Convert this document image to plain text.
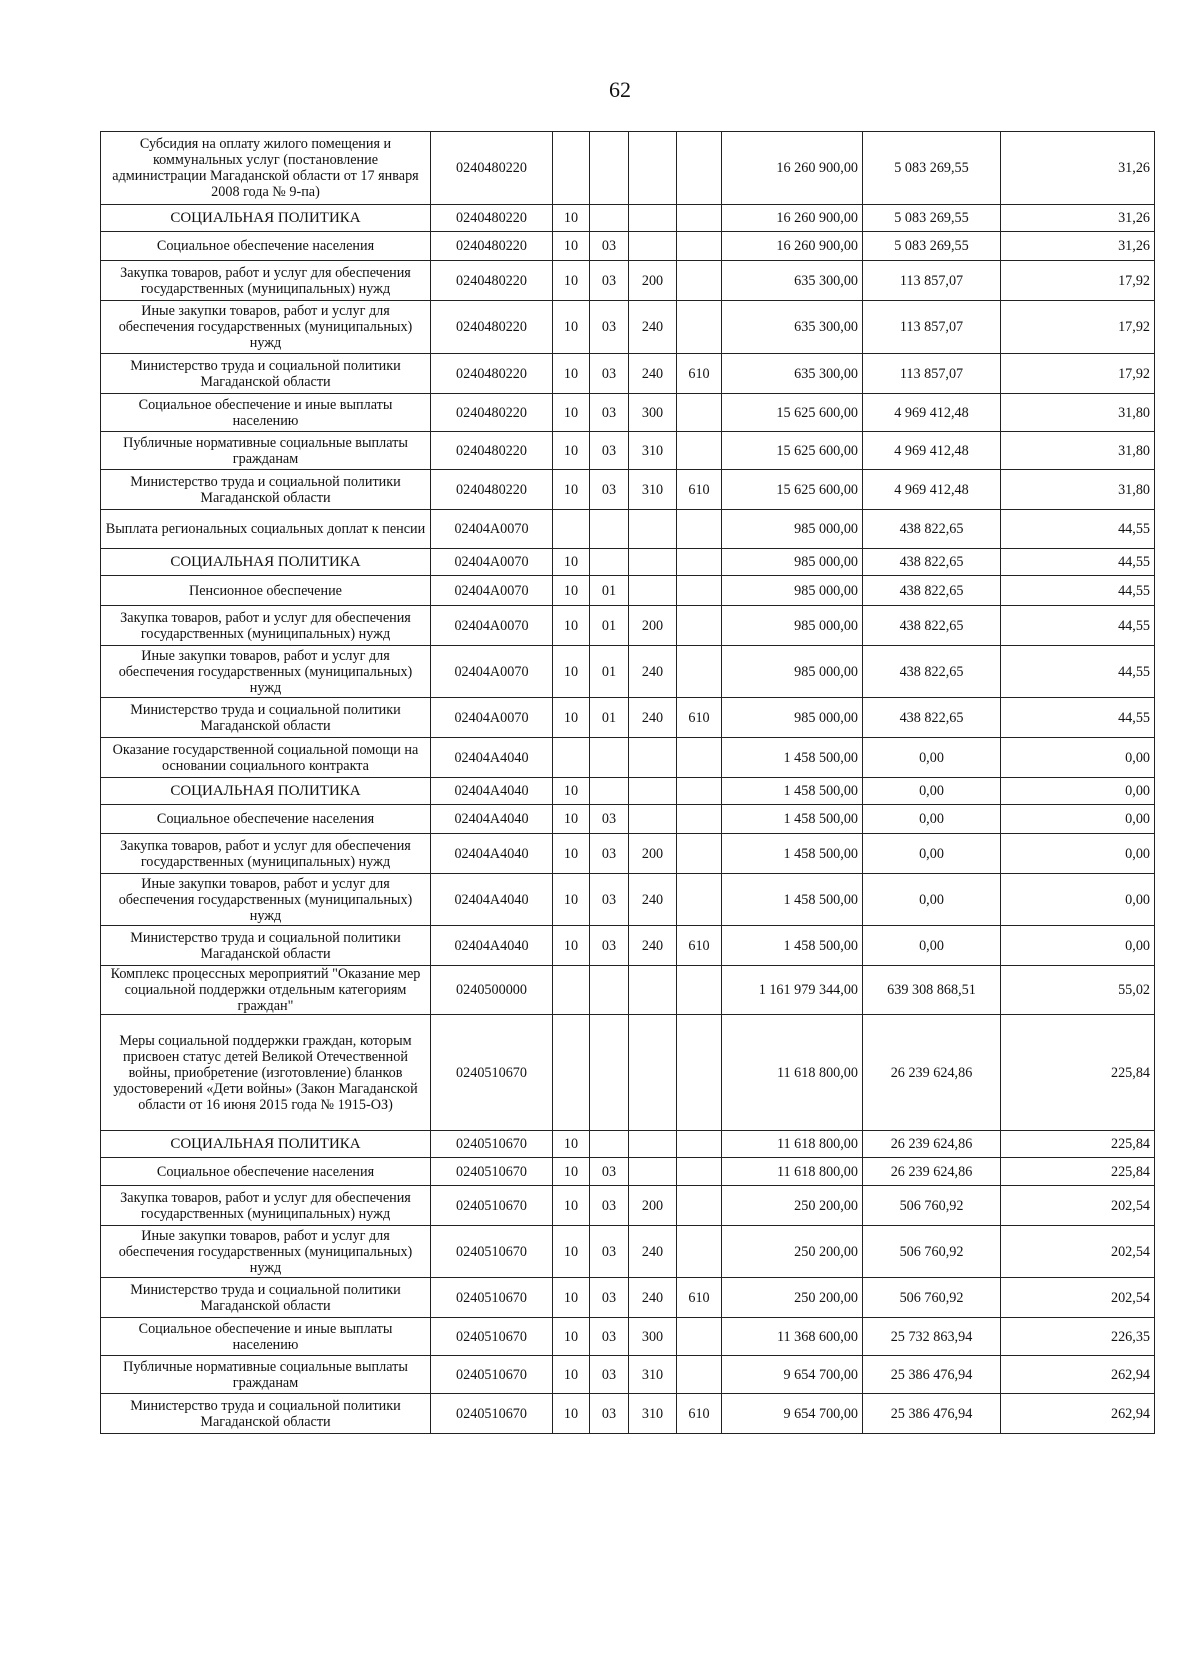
62
Субсидия на оплату жилого помещения и коммунальных услуг (постановление администрации Магаданской области от 17 января 2008 года № 9-па)	0240480220					16 260 900,00	5 083 269,55	31,26
СОЦИАЛЬНАЯ ПОЛИТИКА	0240480220	10				16 260 900,00	5 083 269,55	31,26
Социальное обеспечение населения	0240480220	10	03			16 260 900,00	5 083 269,55	31,26
Закупка товаров, работ и услуг для обеспечения государственных (муниципальных) нужд	0240480220	10	03	200		635 300,00	113 857,07	17,92
Иные закупки товаров, работ и услуг для обеспечения государственных (муниципальных) нужд	0240480220	10	03	240		635 300,00	113 857,07	17,92
Министерство труда и социальной политики Магаданской области	0240480220	10	03	240	610	635 300,00	113 857,07	17,92
Социальное обеспечение и иные выплаты населению	0240480220	10	03	300		15 625 600,00	4 969 412,48	31,80
Публичные нормативные социальные выплаты гражданам	0240480220	10	03	310		15 625 600,00	4 969 412,48	31,80
Министерство труда и социальной политики Магаданской области	0240480220	10	03	310	610	15 625 600,00	4 969 412,48	31,80
Выплата региональных социальных доплат к пенсии	02404А0070					985 000,00	438 822,65	44,55
СОЦИАЛЬНАЯ ПОЛИТИКА	02404А0070	10				985 000,00	438 822,65	44,55
Пенсионное обеспечение	02404А0070	10	01			985 000,00	438 822,65	44,55
Закупка товаров, работ и услуг для обеспечения государственных (муниципальных) нужд	02404А0070	10	01	200		985 000,00	438 822,65	44,55
Иные закупки товаров, работ и услуг для обеспечения государственных (муниципальных) нужд	02404А0070	10	01	240		985 000,00	438 822,65	44,55
Министерство труда и социальной политики Магаданской области	02404А0070	10	01	240	610	985 000,00	438 822,65	44,55
Оказание государственной социальной помощи на основании социального контракта	02404А4040					1 458 500,00	0,00	0,00
СОЦИАЛЬНАЯ ПОЛИТИКА	02404А4040	10				1 458 500,00	0,00	0,00
Социальное обеспечение населения	02404А4040	10	03			1 458 500,00	0,00	0,00
Закупка товаров, работ и услуг для обеспечения государственных (муниципальных) нужд	02404А4040	10	03	200		1 458 500,00	0,00	0,00
Иные закупки товаров, работ и услуг для обеспечения государственных (муниципальных) нужд	02404А4040	10	03	240		1 458 500,00	0,00	0,00
Министерство труда и социальной политики Магаданской области	02404А4040	10	03	240	610	1 458 500,00	0,00	0,00
Комплекс процессных мероприятий "Оказание мер социальной поддержки отдельным категориям граждан"	0240500000					1 161 979 344,00	639 308 868,51	55,02
Меры социальной поддержки граждан, которым присвоен статус детей Великой Отечественной войны, приобретение (изготовление) бланков удостоверений «Дети войны» (Закон Магаданской области от 16 июня 2015 года № 1915-ОЗ)	0240510670					11 618 800,00	26 239 624,86	225,84
СОЦИАЛЬНАЯ ПОЛИТИКА	0240510670	10				11 618 800,00	26 239 624,86	225,84
Социальное обеспечение населения	0240510670	10	03			11 618 800,00	26 239 624,86	225,84
Закупка товаров, работ и услуг для обеспечения государственных (муниципальных) нужд	0240510670	10	03	200		250 200,00	506 760,92	202,54
Иные закупки товаров, работ и услуг для обеспечения государственных (муниципальных) нужд	0240510670	10	03	240		250 200,00	506 760,92	202,54
Министерство труда и социальной политики Магаданской области	0240510670	10	03	240	610	250 200,00	506 760,92	202,54
Социальное обеспечение и иные выплаты населению	0240510670	10	03	300		11 368 600,00	25 732 863,94	226,35
Публичные нормативные социальные выплаты гражданам	0240510670	10	03	310		9 654 700,00	25 386 476,94	262,94
Министерство труда и социальной политики Магаданской области	0240510670	10	03	310	610	9 654 700,00	25 386 476,94	262,94
